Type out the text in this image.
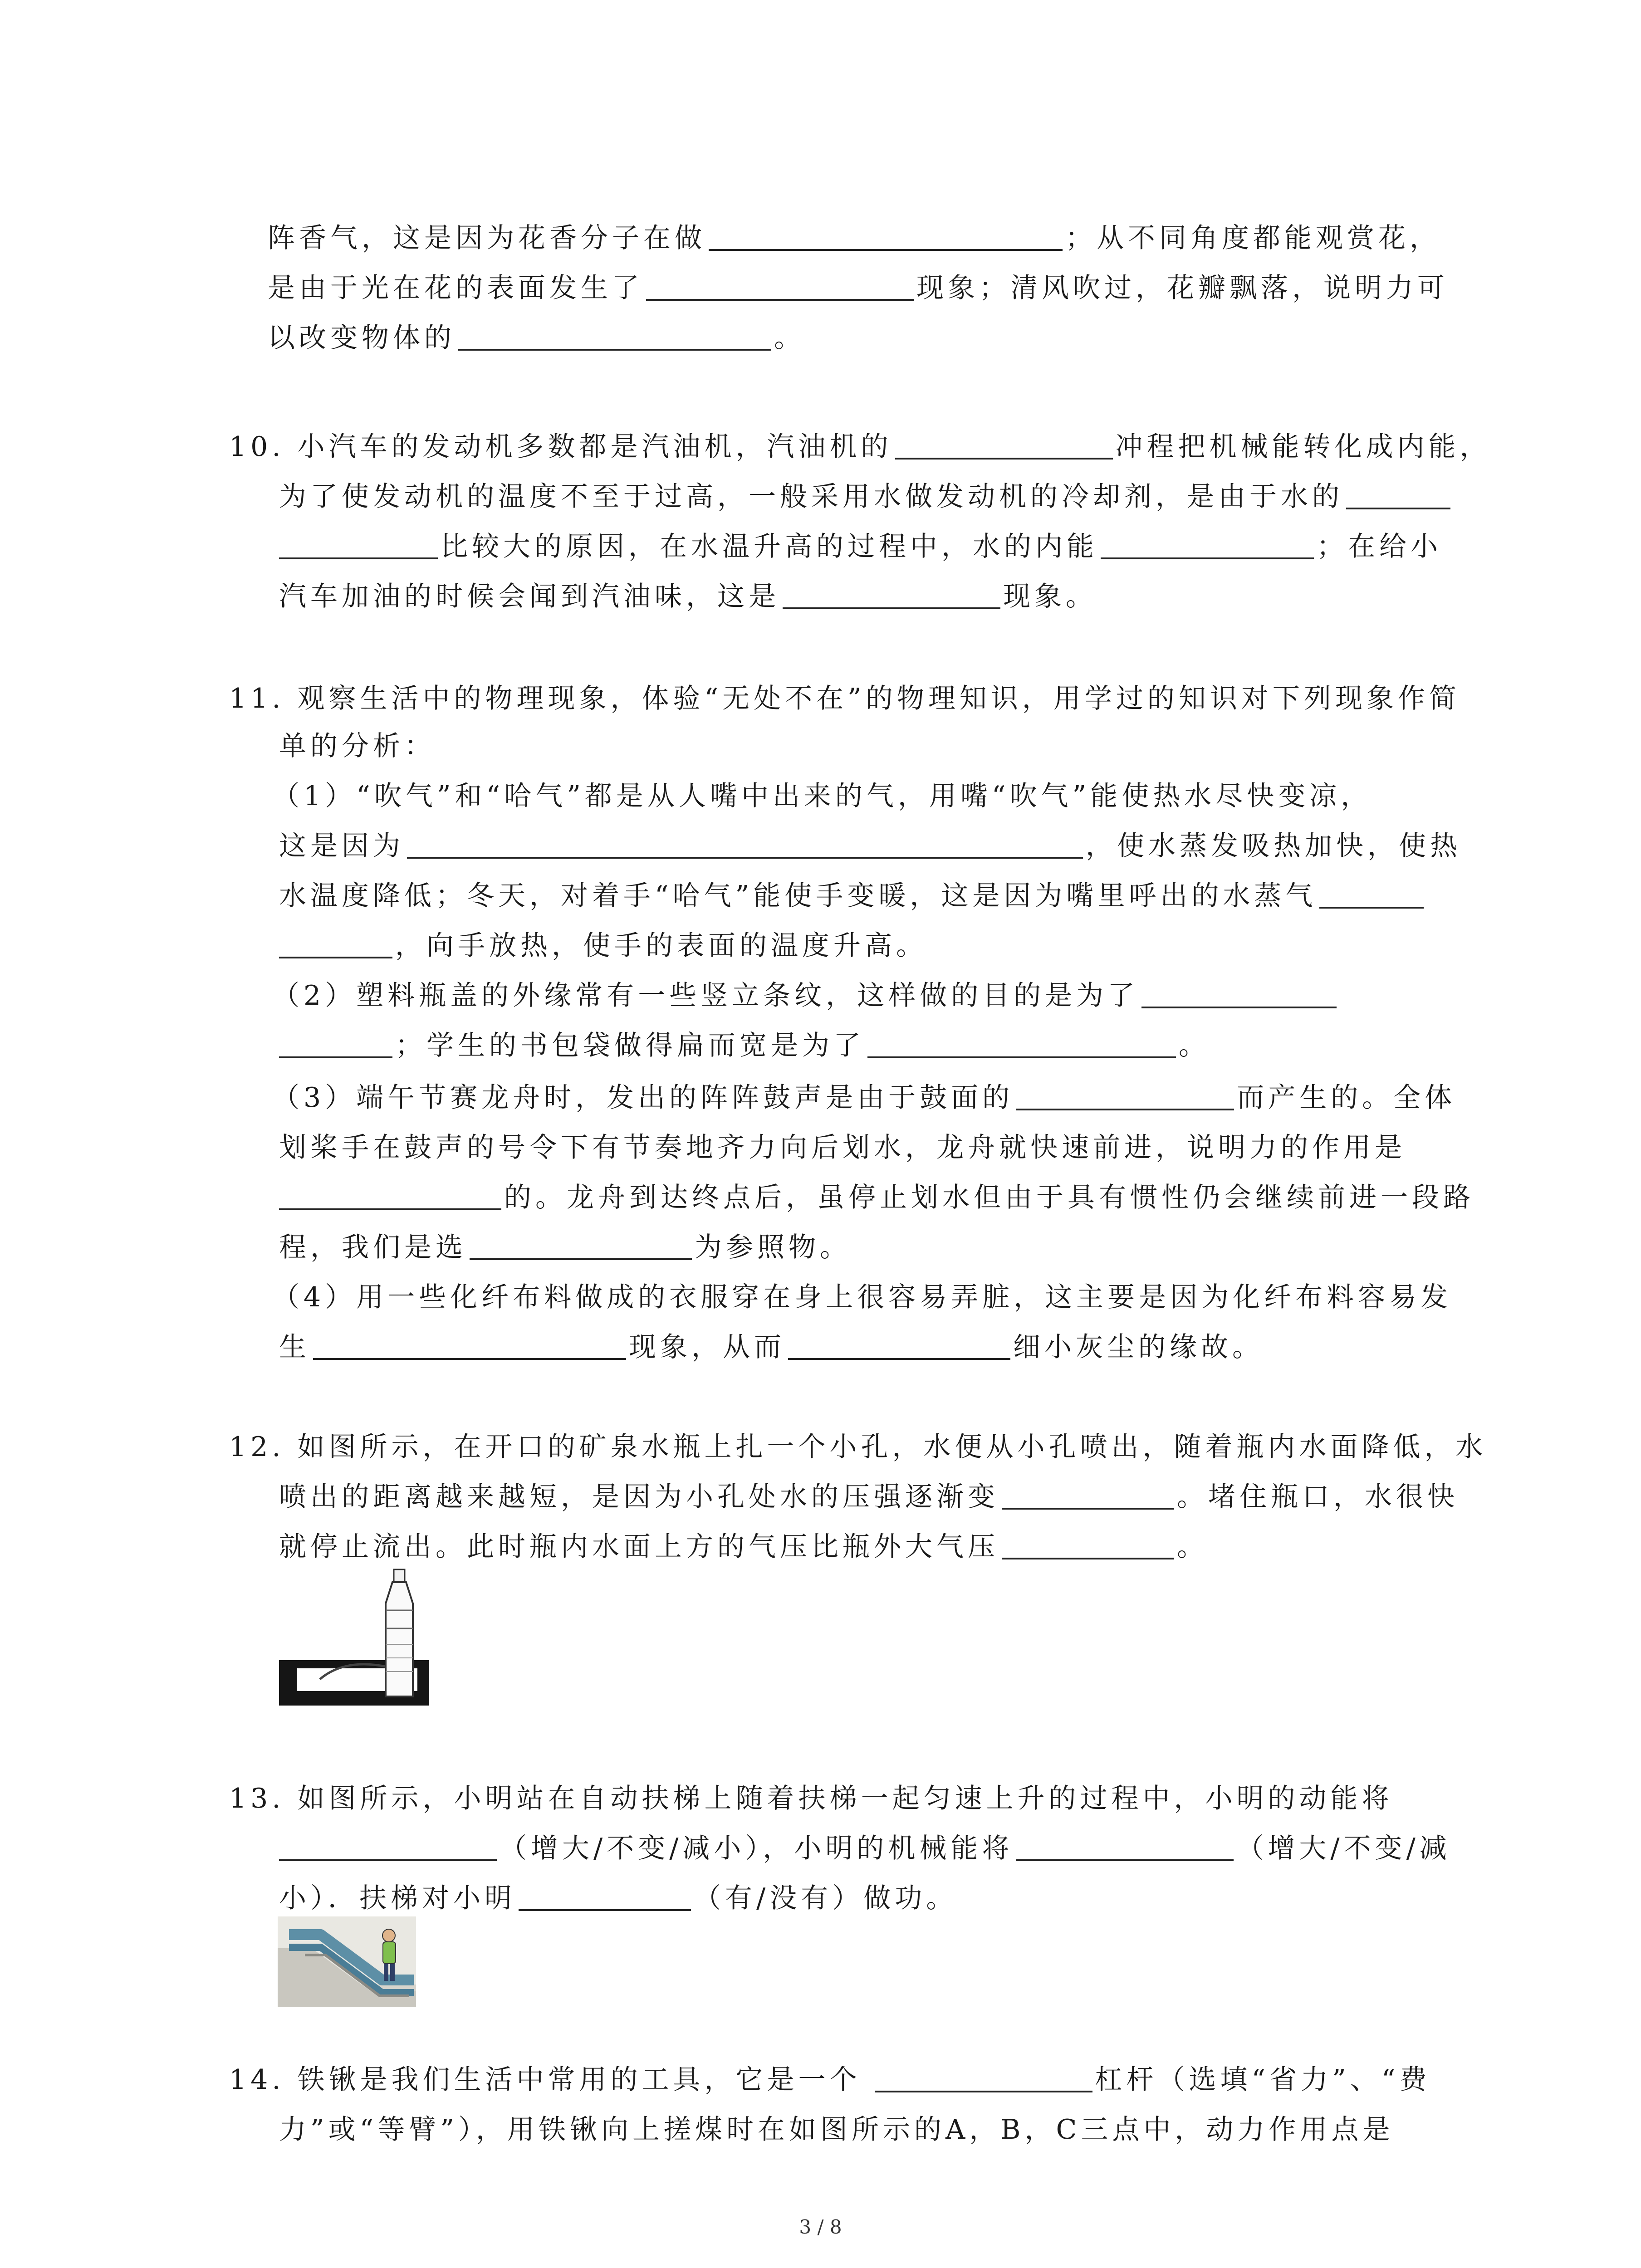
阵香气，这是因为花香分子在做	；从不同角度都能观赏花，
是由于光在花的表面发生了	现象；清风吹过，花瓣飘落，说明力可
以改变物体的	。
10. 小汽车的发动机多数都是汽油机，汽油机的	冲程把机械能转化成内能，
为了使发动机的温度不至于过高，一般采用水做发动机的冷却剂，是由于水的
比较大的原因，在水温升高的过程中，水的内能	；在给小
汽车加油的时候会闻到汽油味，这是	现象。
11. 观察生活中的物理现象，体验“无处不在”的物理知识，用学过的知识对下列现象作简
单的分析：
（1）“吹气”和“哈气”都是从人嘴中出来的气，用嘴“吹气”能使热水尽快变凉，
这是因为	，使水蒸发吸热加快，使热
水温度降低；冬天，对着手“哈气”能使手变暖，这是因为嘴里呼出的水蒸气
，向手放热，使手的表面的温度升高。
（2）塑料瓶盖的外缘常有一些竖立条纹，这样做的目的是为了
；学生的书包袋做得扁而宽是为了	。
（3）端午节赛龙舟时，发出的阵阵鼓声是由于鼓面的	而产生的。全体
划桨手在鼓声的号令下有节奏地齐力向后划水，龙舟就快速前进，说明力的作用是
的。龙舟到达终点后，虽停止划水但由于具有惯性仍会继续前进一段路
程，我们是选	为参照物。
（4）用一些化纤布料做成的衣服穿在身上很容易弄脏，这主要是因为化纤布料容易发
生	现象，从而	细小灰尘的缘故。
12. 如图所示，在开口的矿泉水瓶上扎一个小孔，水便从小孔喷出，随着瓶内水面降低，水
喷出的距离越来越短，是因为小孔处水的压强逐渐变	。堵住瓶口，水很快
就停止流出。此时瓶内水面上方的气压比瓶外大气压	。
13. 如图所示，小明站在自动扶梯上随着扶梯一起匀速上升的过程中，小明的动能将
（增大/不变/减小），小明的机械能将	（增大/不变/减
小）．扶梯对小明	（有/没有）做功。
14. 铁锹是我们生活中常用的工具，它是一个	杠杆（选填“省力”、“费
力”或“等臂”），用铁锹向上搓煤时在如图所示的A，B，C三点中，动力作用点是
3 / 8
